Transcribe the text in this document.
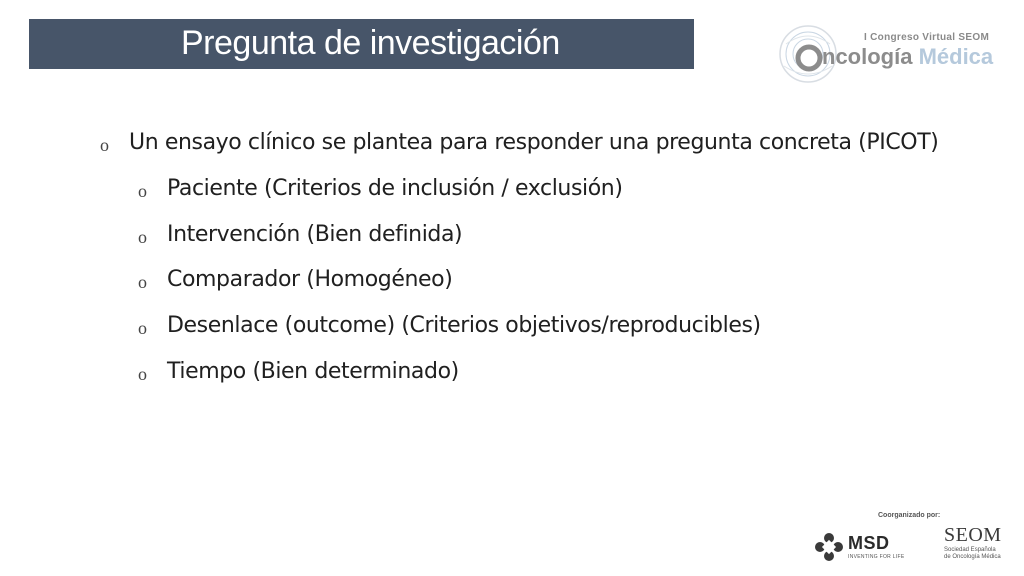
Pregunta de investigación	I Congreso Virtual SEOM
ncología Médica
o Un ensayo clínico se plantea para responder una pregunta concreta (PICOT)
o Paciente (Criterios de inclusión / exclusión)
o Intervención (Bien definida)
o Comparador (Homogéneo)
o Desenlace (outcome) (Criterios objetivos/reproducibles)
o Tiempo (Bien determinado)
Coorganizado por:
MSD
INVENTING FOR LIFE
SEOM
Sociedad Española
de Oncología Médica
